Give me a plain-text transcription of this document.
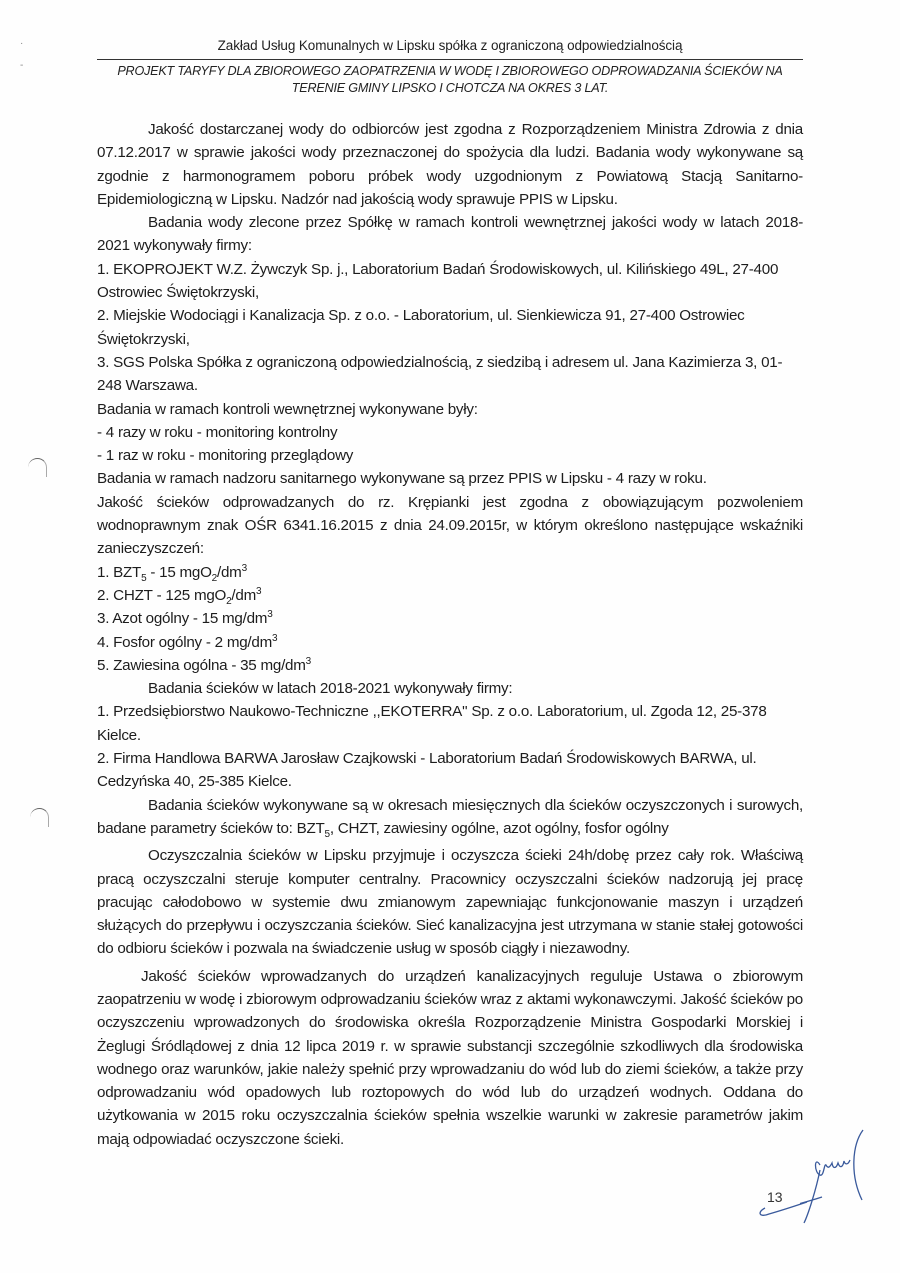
·
-
Zakład Usług Komunalnych w Lipsku spółka z ograniczoną odpowiedzialnością
PROJEKT TARYFY DLA ZBIOROWEGO ZAOPATRZENIA W WODĘ I ZBIOROWEGO ODPROWADZANIA ŚCIEKÓW NA
TERENIE GMINY LIPSKO I CHOTCZA NA OKRES 3 LAT.

Jakość dostarczanej wody do odbiorców jest zgodna z Rozporządzeniem Ministra Zdrowia z dnia 07.12.2017 w sprawie jakości wody przeznaczonej do spożycia dla ludzi. Badania wody wykonywane są zgodnie z harmonogramem poboru próbek wody uzgodnionym z Powiatową Stacją Sanitarno-Epidemiologiczną w Lipsku. Nadzór nad jakością wody sprawuje PPIS w Lipsku.

Badania wody zlecone przez Spółkę w ramach kontroli wewnętrznej jakości wody w latach 2018-2021 wykonywały firmy:

1. EKOPROJEKT W.Z. Żywczyk Sp. j., Laboratorium Badań Środowiskowych, ul. Kilińskiego 49L, 27-400 Ostrowiec Świętokrzyski,

2. Miejskie Wodociągi i Kanalizacja Sp. z o.o. - Laboratorium, ul. Sienkiewicza 91, 27-400 Ostrowiec Świętokrzyski,

3. SGS Polska Spółka z ograniczoną odpowiedzialnością, z siedzibą i adresem ul. Jana Kazimierza 3, 01-248 Warszawa.

Badania w ramach kontroli wewnętrznej wykonywane były:

- 4 razy w roku - monitoring kontrolny

- 1 raz w roku - monitoring przeglądowy

Badania w ramach nadzoru sanitarnego wykonywane są przez PPIS w Lipsku - 4 razy w roku.

Jakość ścieków odprowadzanych do rz. Krępianki jest zgodna z obowiązującym pozwoleniem wodnoprawnym znak OŚR 6341.16.2015 z dnia 24.09.2015r, w którym określono następujące wskaźniki zanieczyszczeń:

1. $BZT_5 - 15$ $mgO_2/dm^3$

2. CHZT - 125 $mgO_2/dm^3$

3. Azot ogólny - 15 $mg/dm^3$

4. Fosfor ogólny - 2 $mg/dm^3$

5. Zawiesina ogólna - 35 $mg/dm^3$

Badania ścieków w latach 2018-2021 wykonywały firmy:

1. Przedsiębiorstwo Naukowo-Techniczne ,,EKOTERRA'' Sp. z o.o. Laboratorium, ul. Zgoda 12, 25-378 Kielce.

2. Firma Handlowa BARWA Jarosław Czajkowski - Laboratorium Badań Środowiskowych BARWA, ul. Cedzyńska 40, 25-385 Kielce.

Badania ścieków wykonywane są w okresach miesięcznych dla ścieków oczyszczonych i surowych, badane parametry ścieków to: $BZT_5$, CHZT, zawiesiny ogólne, azot ogólny, fosfor ogólny

Oczyszczalnia ścieków w Lipsku przyjmuje i oczyszcza ścieki 24h/dobę przez cały rok. Właściwą pracą oczyszczalni steruje komputer centralny. Pracownicy oczyszczalni ścieków nadzorują jej pracę pracując całodobowo w systemie dwu zmianowym zapewniając funkcjonowanie maszyn i urządzeń służących do przepływu i oczyszczania ścieków. Sieć kanalizacyjna jest utrzymana w stanie stałej gotowości do odbioru ścieków i pozwala na świadczenie usług w sposób ciągły i niezawodny.

Jakość ścieków wprowadzanych do urządzeń kanalizacyjnych reguluje Ustawa o zbiorowym zaopatrzeniu w wodę i zbiorowym odprowadzaniu ścieków wraz z aktami wykonawczymi. Jakość ścieków po oczyszczeniu wprowadzonych do środowiska określa Rozporządzenie Ministra Gospodarki Morskiej i Żeglugi Śródlądowej z dnia 12 lipca 2019 r. w sprawie substancji szczególnie szkodliwych dla środowiska wodnego oraz warunków, jakie należy spełnić przy wprowadzaniu do wód lub do ziemi ścieków, a także przy odprowadzaniu wód opadowych lub roztopowych do wód lub do urządzeń wodnych. Oddana do użytkowania w 2015 roku oczyszczalnia ścieków spełnia wszelkie warunki w zakresie parametrów jakim mają odpowiadać oczyszczone ścieki.

13
